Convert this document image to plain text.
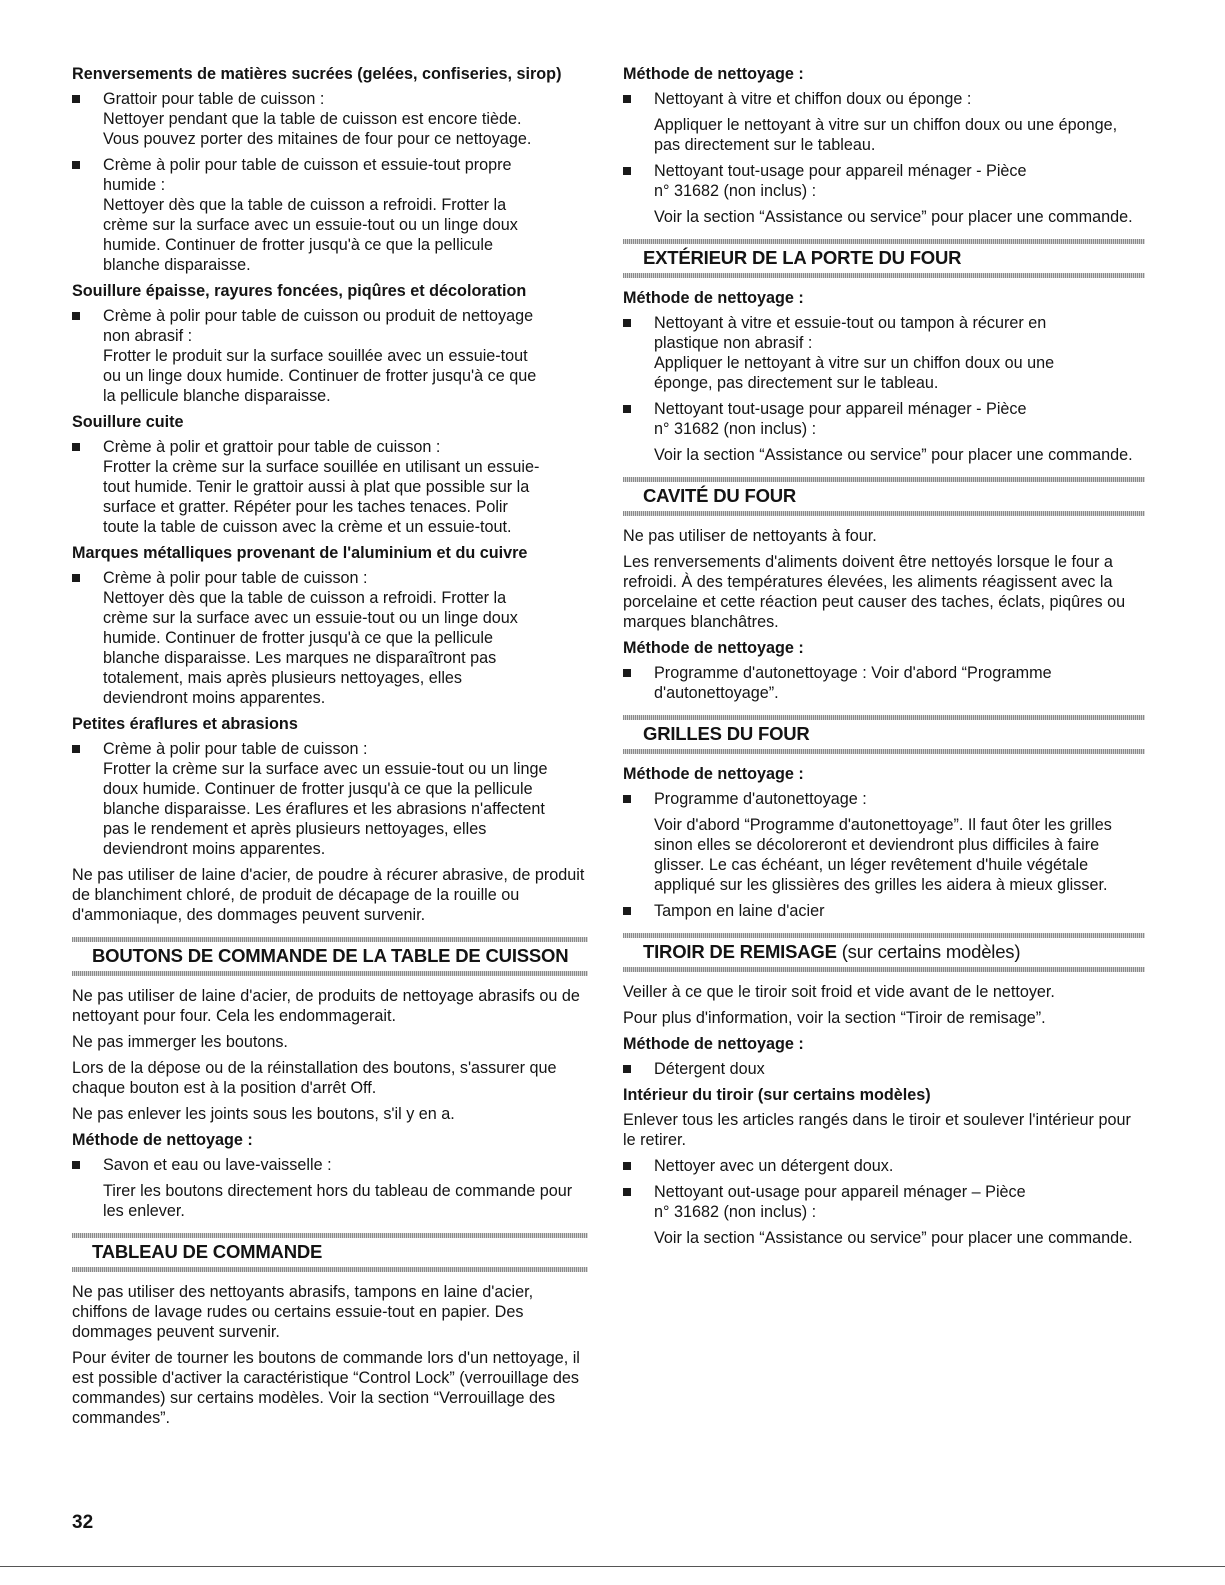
Renversements de matières sucrées (gelées, confiseries, sirop)
Grattoir pour table de cuisson :
Nettoyer pendant que la table de cuisson est encore tiède.
Vous pouvez porter des mitaines de four pour ce nettoyage.
Crème à polir pour table de cuisson et essuie-tout propre
humide :
Nettoyer dès que la table de cuisson a refroidi. Frotter la
crème sur la surface avec un essuie-tout ou un linge doux
humide. Continuer de frotter jusqu'à ce que la pellicule
blanche disparaisse.
Souillure épaisse, rayures foncées, piqûres et décoloration
Crème à polir pour table de cuisson ou produit de nettoyage
non abrasif :
Frotter le produit sur la surface souillée avec un essuie-tout
ou un linge doux humide. Continuer de frotter jusqu'à ce que
la pellicule blanche disparaisse.
Souillure cuite
Crème à polir et grattoir pour table de cuisson :
Frotter la crème sur la surface souillée en utilisant un essuie-
tout humide. Tenir le grattoir aussi à plat que possible sur la
surface et gratter. Répéter pour les taches tenaces. Polir
toute la table de cuisson avec la crème et un essuie-tout.
Marques métalliques provenant de l'aluminium et du cuivre
Crème à polir pour table de cuisson :
Nettoyer dès que la table de cuisson a refroidi. Frotter la
crème sur la surface avec un essuie-tout ou un linge doux
humide. Continuer de frotter jusqu'à ce que la pellicule
blanche disparaisse. Les marques ne disparaîtront pas
totalement, mais après plusieurs nettoyages, elles
deviendront moins apparentes.
Petites éraflures et abrasions
Crème à polir pour table de cuisson :
Frotter la crème sur la surface avec un essuie-tout ou un linge
doux humide. Continuer de frotter jusqu'à ce que la pellicule
blanche disparaisse. Les éraflures et les abrasions n'affectent
pas le rendement et après plusieurs nettoyages, elles
deviendront moins apparentes.

Ne pas utiliser de laine d'acier, de poudre à récurer abrasive, de produit de blanchiment chloré, de produit de décapage de la rouille ou d'ammoniaque, des dommages peuvent survenir.

BOUTONS DE COMMANDE DE LA TABLE DE CUISSON

Ne pas utiliser de laine d'acier, de produits de nettoyage abrasifs ou de nettoyant pour four. Cela les endommagerait.

Ne pas immerger les boutons.

Lors de la dépose ou de la réinstallation des boutons, s'assurer que chaque bouton est à la position d'arrêt Off.

Ne pas enlever les joints sous les boutons, s'il y en a.

Méthode de nettoyage :
Savon et eau ou lave-vaisselle :

Tirer les boutons directement hors du tableau de commande pour les enlever.

TABLEAU DE COMMANDE

Ne pas utiliser des nettoyants abrasifs, tampons en laine d'acier, chiffons de lavage rudes ou certains essuie-tout en papier. Des dommages peuvent survenir.

Pour éviter de tourner les boutons de commande lors d'un nettoyage, il est possible d'activer la caractéristique “Control Lock” (verrouillage des commandes) sur certains modèles. Voir la section “Verrouillage des commandes”.

Méthode de nettoyage :
Nettoyant à vitre et chiffon doux ou éponge :

Appliquer le nettoyant à vitre sur un chiffon doux ou une éponge, pas directement sur le tableau.

Nettoyant tout-usage pour appareil ménager - Pièce
n° 31682 (non inclus) :

Voir la section “Assistance ou service” pour placer une commande.

EXTÉRIEUR DE LA PORTE DU FOUR
Méthode de nettoyage :
Nettoyant à vitre et essuie-tout ou tampon à récurer en
plastique non abrasif :
Appliquer le nettoyant à vitre sur un chiffon doux ou une
éponge, pas directement sur le tableau.
Nettoyant tout-usage pour appareil ménager - Pièce
n° 31682 (non inclus) :

Voir la section “Assistance ou service” pour placer une commande.

CAVITÉ DU FOUR

Ne pas utiliser de nettoyants à four.

Les renversements d'aliments doivent être nettoyés lorsque le four a refroidi. À des températures élevées, les aliments réagissent avec la porcelaine et cette réaction peut causer des taches, éclats, piqûres ou marques blanchâtres.

Méthode de nettoyage :
Programme d'autonettoyage : Voir d'abord “Programme
d'autonettoyage”.
GRILLES DU FOUR
Méthode de nettoyage :
Programme d'autonettoyage :

Voir d'abord “Programme d'autonettoyage”. Il faut ôter les grilles sinon elles se décoloreront et deviendront plus difficiles à faire glisser. Le cas échéant, un léger revêtement d'huile végétale appliqué sur les glissières des grilles les aidera à mieux glisser.

Tampon en laine d'acier
TIROIR DE REMISAGE (sur certains modèles)

Veiller à ce que le tiroir soit froid et vide avant de le nettoyer.

Pour plus d'information, voir la section “Tiroir de remisage”.

Méthode de nettoyage :
Détergent doux
Intérieur du tiroir (sur certains modèles)

Enlever tous les articles rangés dans le tiroir et soulever l'intérieur pour le retirer.

Nettoyer avec un détergent doux.
Nettoyant out-usage pour appareil ménager – Pièce
n° 31682 (non inclus) :

Voir la section “Assistance ou service” pour placer une commande.

32
